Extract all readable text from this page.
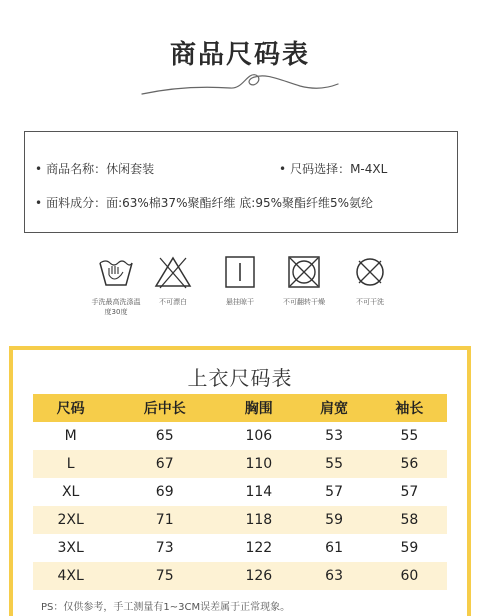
商品尺码表
• 商品名称：休闲套装	• 尺码选择：M-4XL
• 面料成分：面:63%棉37%聚酯纤维 底:95%聚酯纤维5%氨纶
手洗最高洗涤温度30度
不可漂白	悬挂晾干	不可翻转干燥	不可干洗
上衣尺码表
尺码	后中长	胸围	肩宽	袖长
M	65	106	53	55
L	67	110	55	56
XL	69	114	57	57
2XL	71	118	59	58
3XL	73	122	61	59
4XL	75	126	63	60
PS：仅供参考，手工测量有1~3CM误差属于正常现象。
